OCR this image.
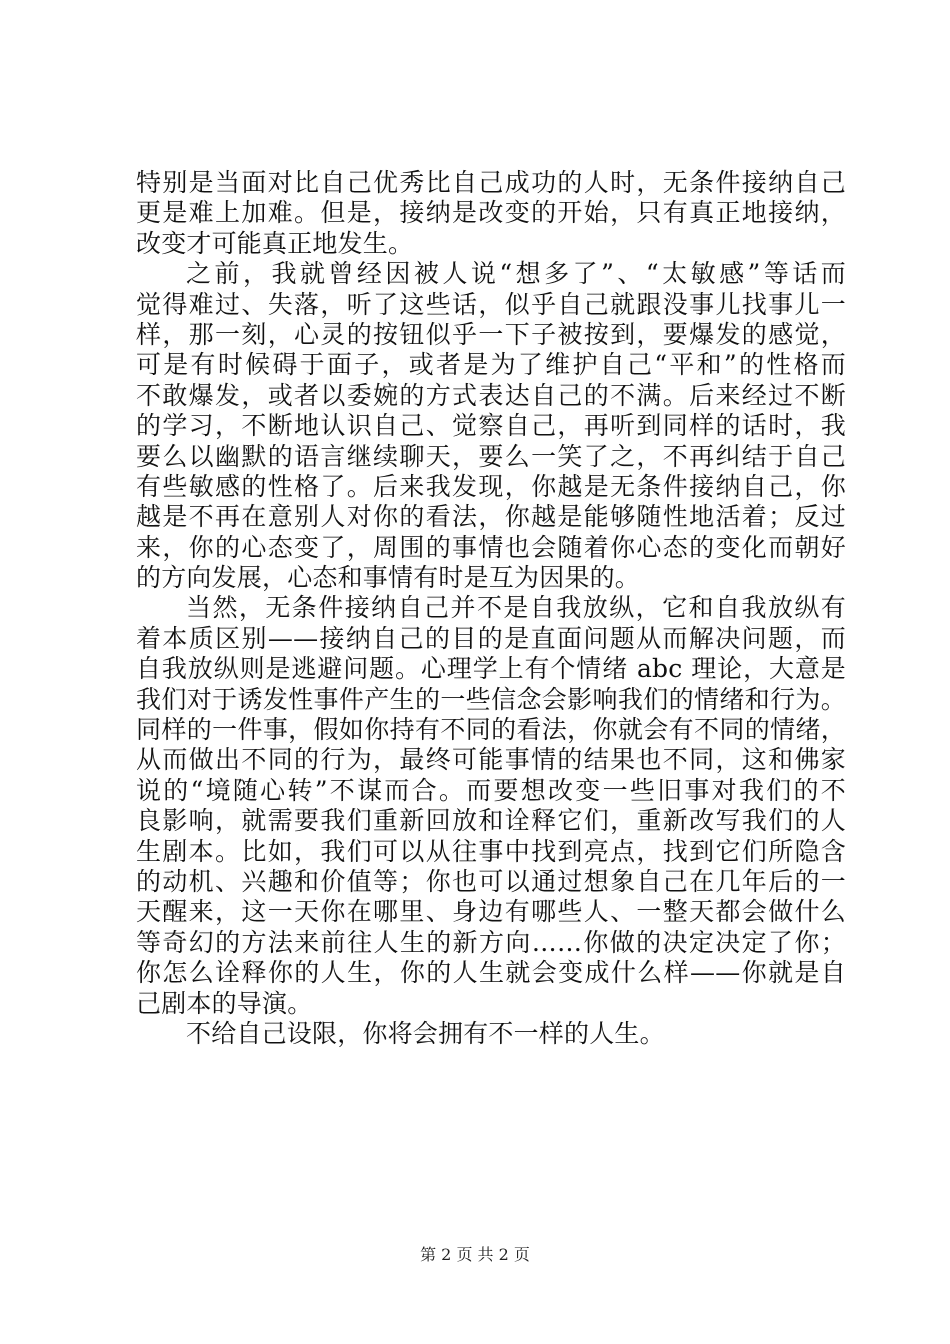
特别是当面对比自己优秀比自己成功的人时，无条件接纳自己
更是难上加难。但是，接纳是改变的开始，只有真正地接纳，
改变才可能真正地发生。
之前，我就曾经因被人说“想多了”、“太敏感”等话而
觉得难过、失落，听了这些话，似乎自己就跟没事儿找事儿一
样，那一刻，心灵的按钮似乎一下子被按到，要爆发的感觉，
可是有时候碍于面子，或者是为了维护自己“平和”的性格而
不敢爆发，或者以委婉的方式表达自己的不满。后来经过不断
的学习，不断地认识自己、觉察自己，再听到同样的话时，我
要么以幽默的语言继续聊天，要么一笑了之，不再纠结于自己
有些敏感的性格了。后来我发现，你越是无条件接纳自己，你
越是不再在意别人对你的看法，你越是能够随性地活着；反过
来，你的心态变了，周围的事情也会随着你心态的变化而朝好
的方向发展，心态和事情有时是互为因果的。
当然，无条件接纳自己并不是自我放纵，它和自我放纵有
着本质区别——接纳自己的目的是直面问题从而解决问题，而
自我放纵则是逃避问题。心理学上有个情绪 abc 理论，大意是
我们对于诱发性事件产生的一些信念会影响我们的情绪和行为。
同样的一件事，假如你持有不同的看法，你就会有不同的情绪，
从而做出不同的行为，最终可能事情的结果也不同，这和佛家
说的“境随心转”不谋而合。而要想改变一些旧事对我们的不
良影响，就需要我们重新回放和诠释它们，重新改写我们的人
生剧本。比如，我们可以从往事中找到亮点，找到它们所隐含
的动机、兴趣和价值等；你也可以通过想象自己在几年后的一
天醒来，这一天你在哪里、身边有哪些人、一整天都会做什么
等奇幻的方法来前往人生的新方向……你做的决定决定了你；
你怎么诠释你的人生，你的人生就会变成什么样——你就是自
己剧本的导演。
不给自己设限，你将会拥有不一样的人生。
第 2 页 共 2 页
